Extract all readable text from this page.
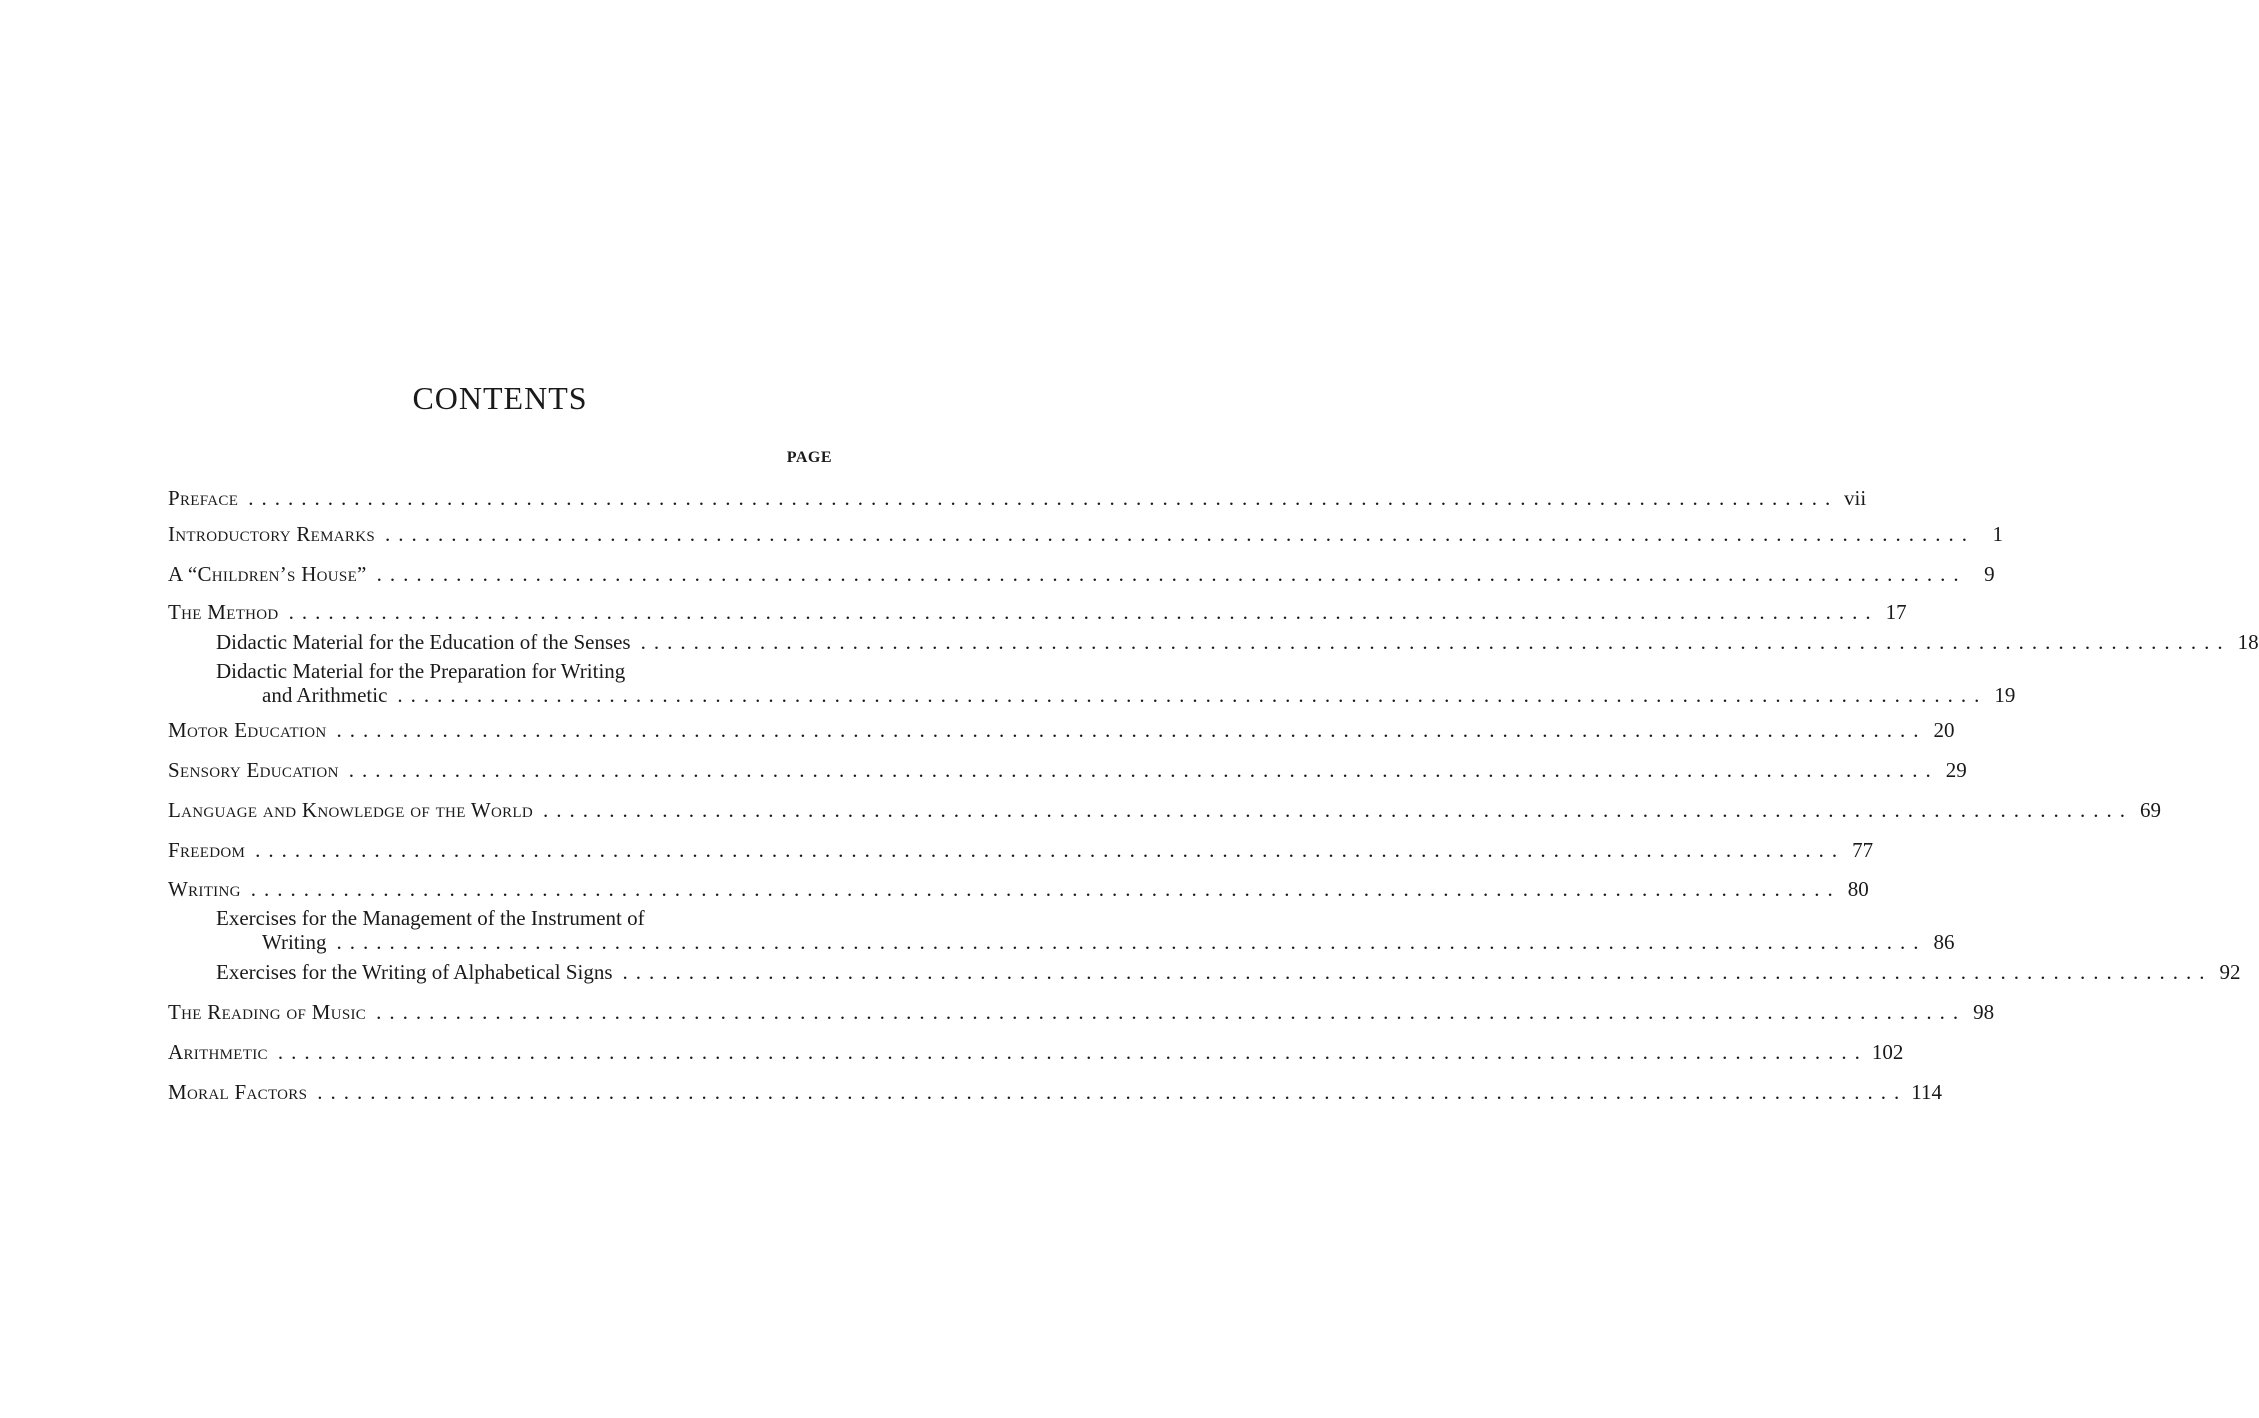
CONTENTS
PAGE
Preface ........................................................................................................................ vii
Introductory Remarks ........................................................................................................................ 1
A “Children’s House” ........................................................................................................................ 9
The Method ........................................................................................................................ 17
Didactic Material for the Education of the Senses ........................................................................................................................ 18
Didactic Material for the Preparation for Writing
and Arithmetic ........................................................................................................................ 19
Motor Education ........................................................................................................................ 20
Sensory Education ........................................................................................................................ 29
Language and Knowledge of the World ........................................................................................................................ 69
Freedom ........................................................................................................................ 77
Writing ........................................................................................................................ 80
Exercises for the Management of the Instrument of
Writing ........................................................................................................................ 86
Exercises for the Writing of Alphabetical Signs ........................................................................................................................ 92
The Reading of Music ........................................................................................................................ 98
Arithmetic ........................................................................................................................ 102
Moral Factors ........................................................................................................................ 114
